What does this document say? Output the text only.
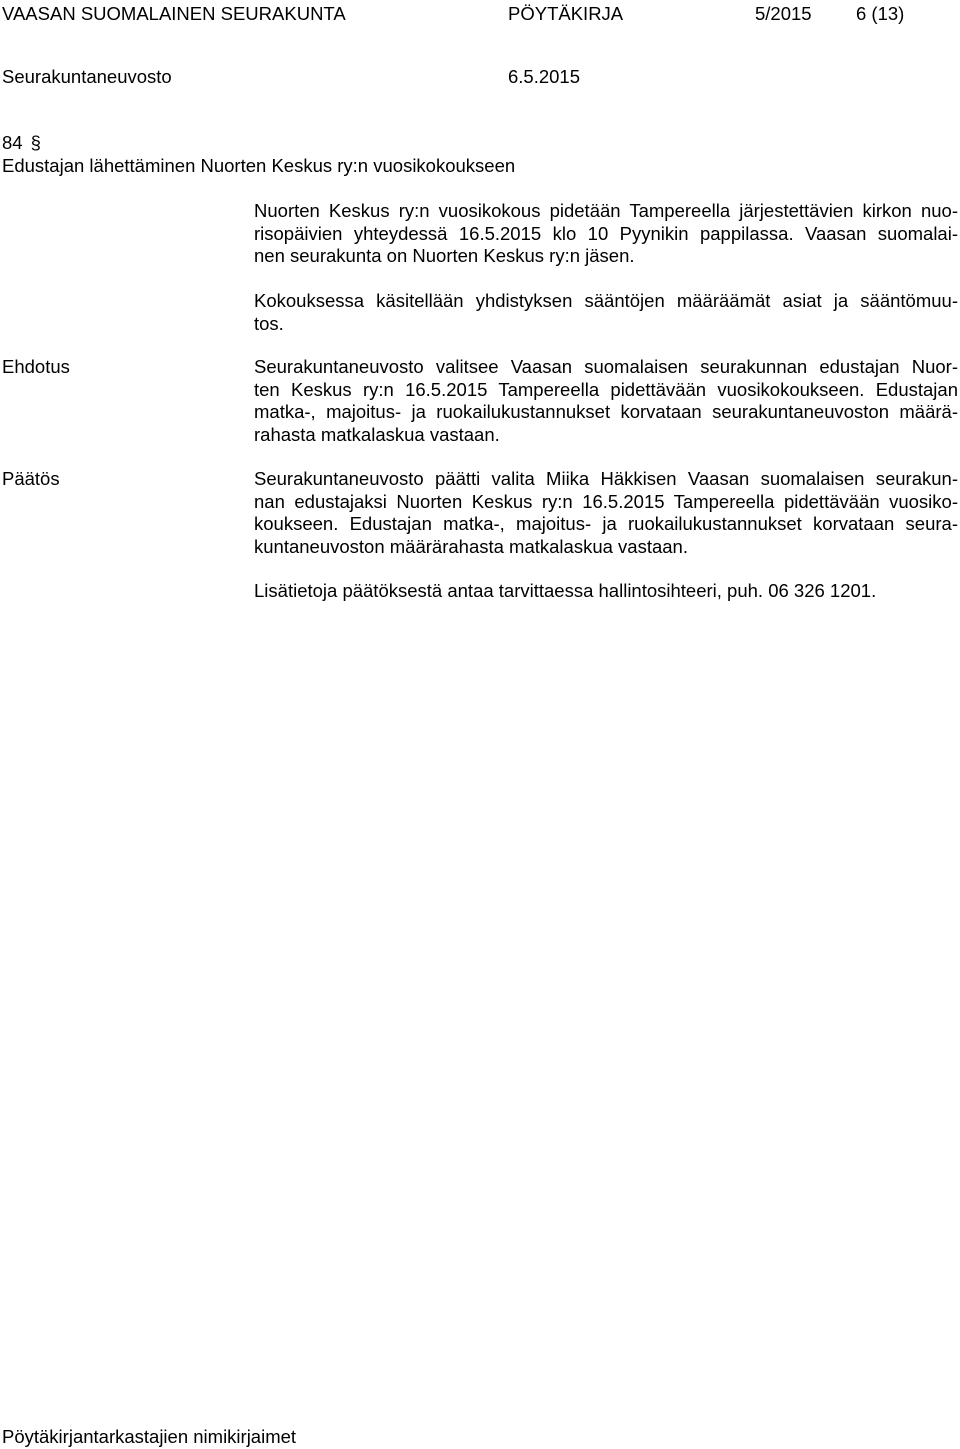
VAASAN SUOMALAINEN SEURAKUNTA	PÖYTÄKIRJA	5/2015 6 (13)
Seurakuntaneuvosto	6.5.2015
84 §
Edustajan lähettäminen Nuorten Keskus ry:n vuosikokoukseen
Nuorten Keskus ry:n vuosikokous pidetään Tampereella järjestettävien kirkon nuo-
risopäivien yhteydessä 16.5.2015 klo 10 Pyynikin pappilassa. Vaasan suomalai-
nen seurakunta on Nuorten Keskus ry:n jäsen.
Kokouksessa käsitellään yhdistyksen sääntöjen määräämät asiat ja sääntömuu-
tos.
Ehdotus	Seurakuntaneuvosto valitsee Vaasan suomalaisen seurakunnan edustajan Nuor-
ten Keskus ry:n 16.5.2015 Tampereella pidettävään vuosikokoukseen. Edustajan
matka-, majoitus- ja ruokailukustannukset korvataan seurakuntaneuvoston määrä-
rahasta matkalaskua vastaan.
Päätös	Seurakuntaneuvosto päätti valita Miika Häkkisen Vaasan suomalaisen seurakun-
nan edustajaksi Nuorten Keskus ry:n 16.5.2015 Tampereella pidettävään vuosiko-
koukseen. Edustajan matka-, majoitus- ja ruokailukustannukset korvataan seura-
kuntaneuvoston määrärahasta matkalaskua vastaan.
Lisätietoja päätöksestä antaa tarvittaessa hallintosihteeri, puh. 06 326 1201.
Pöytäkirjantarkastajien nimikirjaimet
